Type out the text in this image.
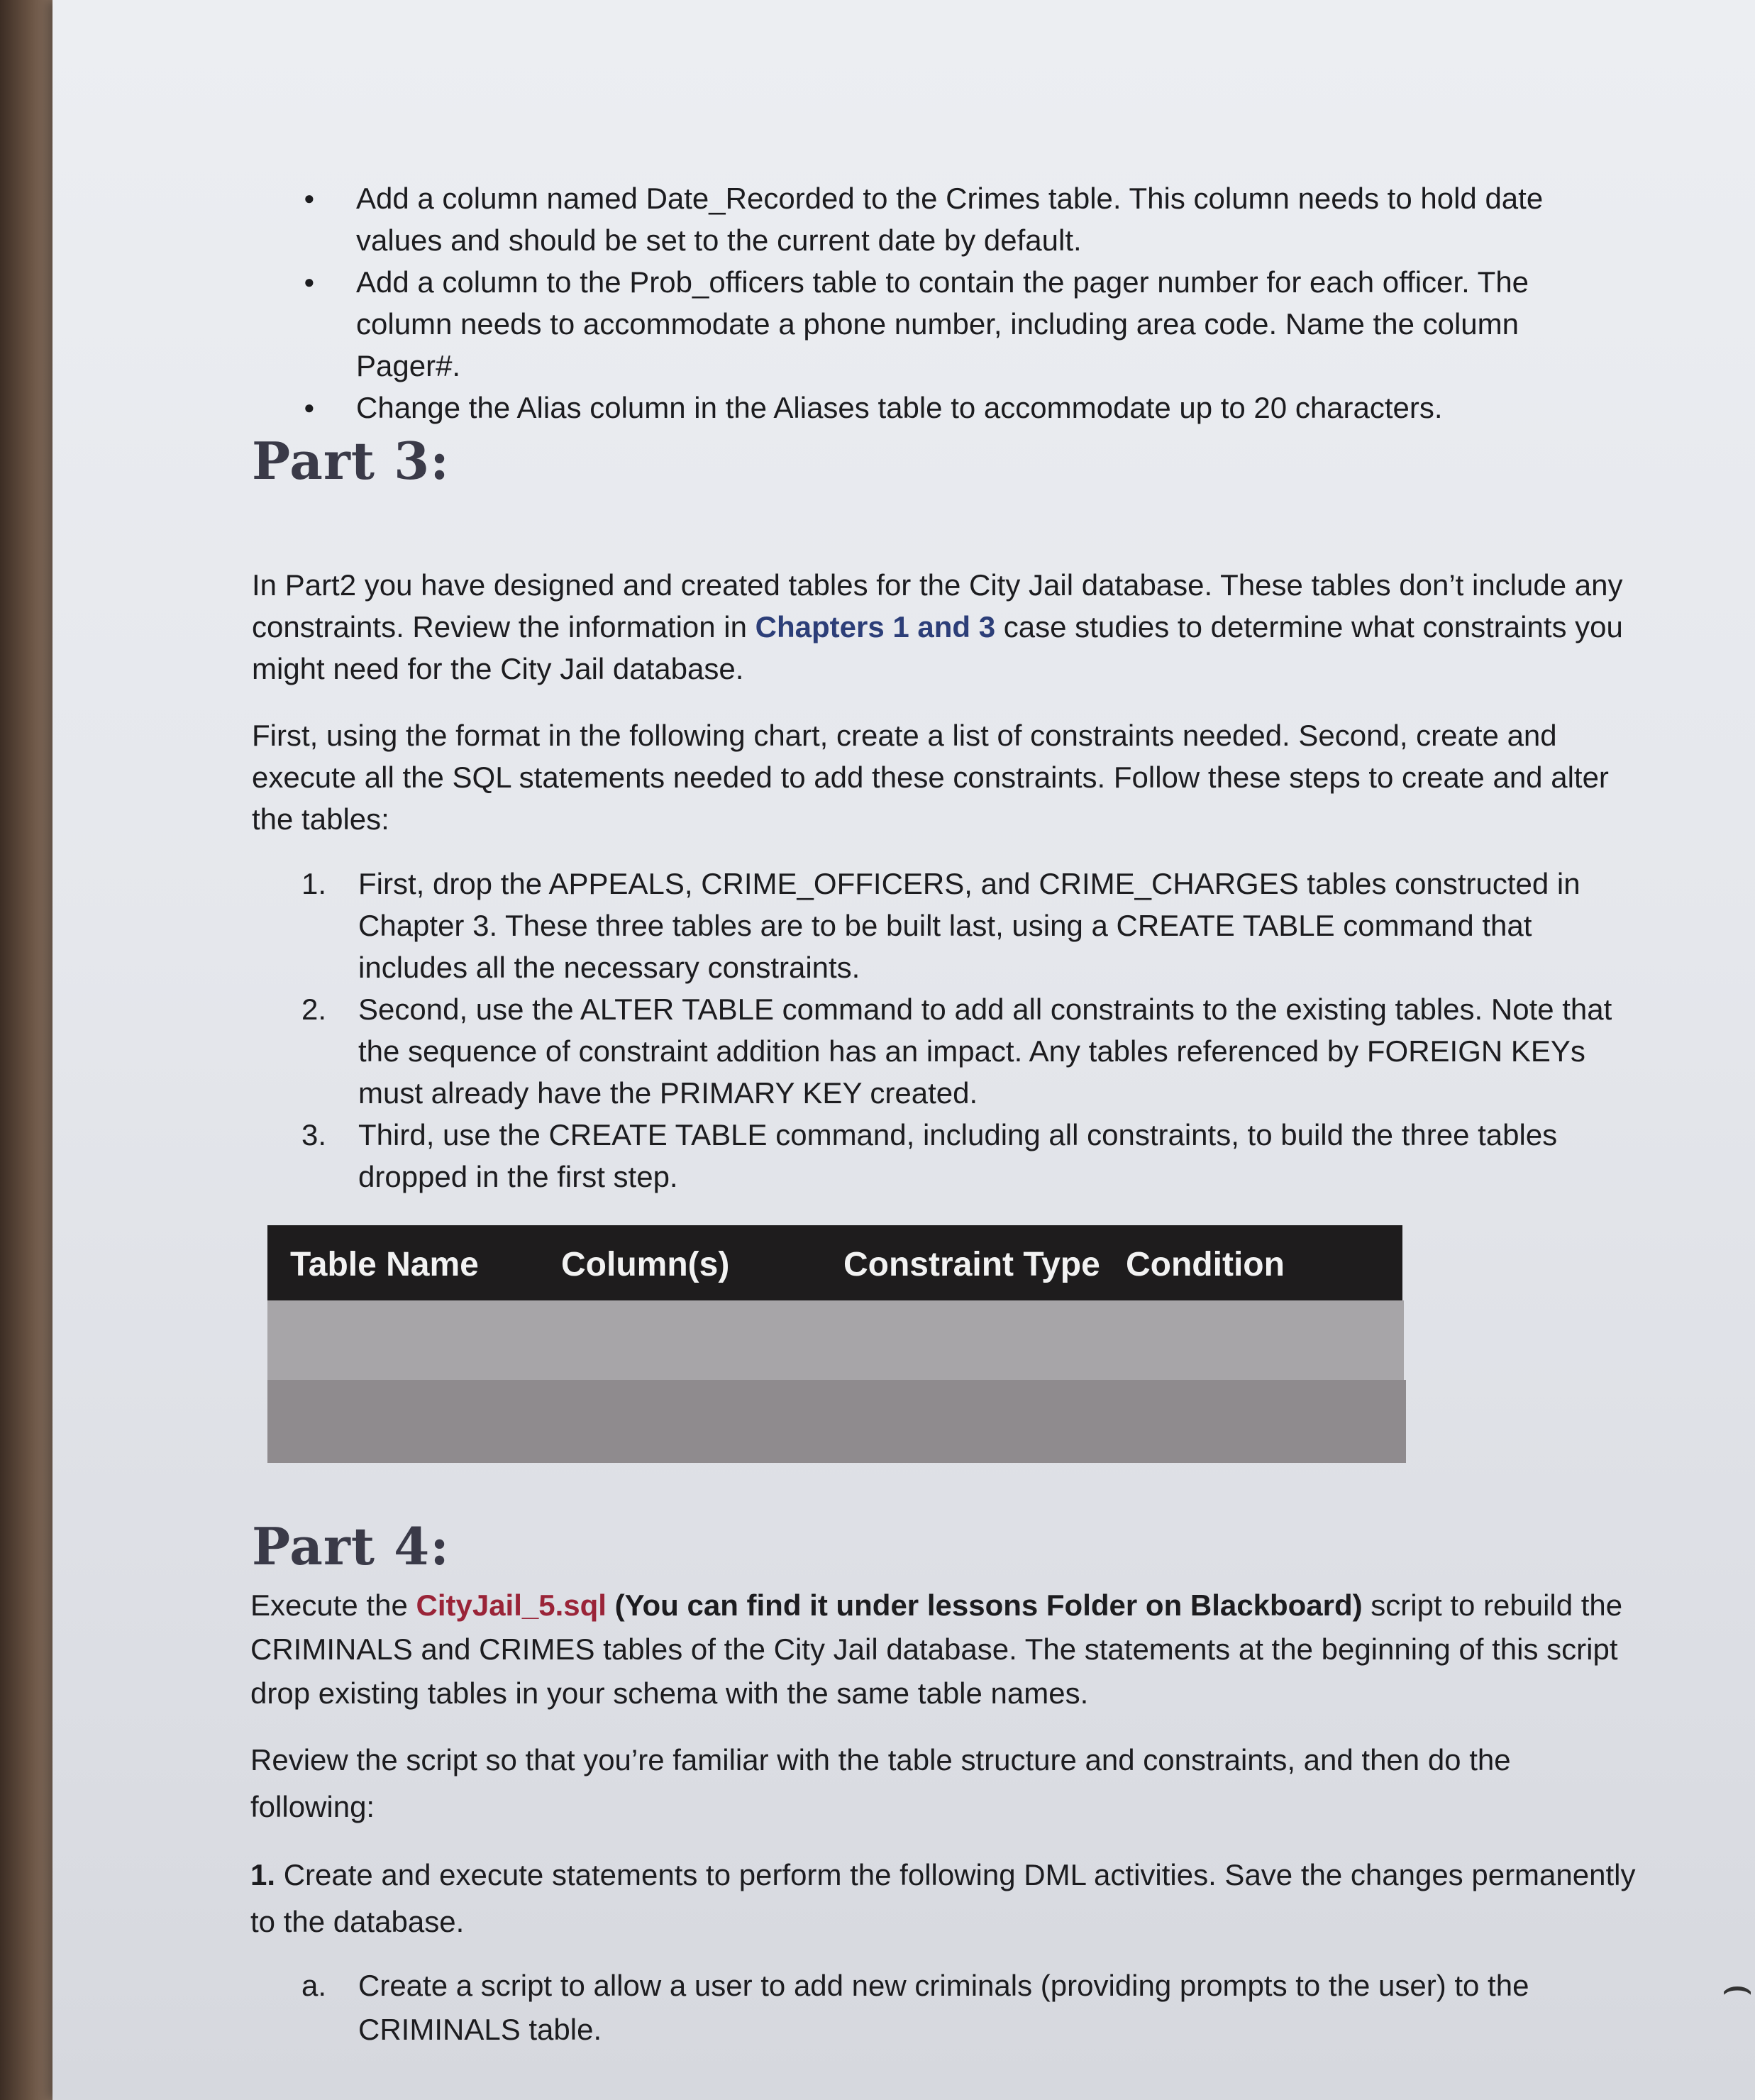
● Add a column named Date_Recorded to the Crimes table. This column needs to hold date values and should be set to the current date by default.
● Add a column to the Prob_officers table to contain the pager number for each officer. The column needs to accommodate a phone number, including area code. Name the column Pager#.
● Change the Alias column in the Aliases table to accommodate up to 20 characters.
Part 3:

In Part2 you have designed and created tables for the City Jail database. These tables don’t include any constraints. Review the information in Chapters 1 and 3 case studies to determine what constraints you might need for the City Jail database.

First, using the format in the following chart, create a list of constraints needed. Second, create and execute all the SQL statements needed to add these constraints. Follow these steps to create and alter the tables:

1. First, drop the APPEALS, CRIME_OFFICERS, and CRIME_CHARGES tables constructed in Chapter 3. These three tables are to be built last, using a CREATE TABLE command that includes all the necessary constraints.
2. Second, use the ALTER TABLE command to add all constraints to the existing tables. Note that the sequence of constraint addition has an impact. Any tables referenced by FOREIGN KEYs must already have the PRIMARY KEY created.
3. Third, use the CREATE TABLE command, including all constraints, to build the three tables dropped in the first step.
Table Name Column(s)	Constraint Type Condition
Part 4:

Execute the CityJail_5.sql (You can find it under lessons Folder on Blackboard) script to rebuild the CRIMINALS and CRIMES tables of the City Jail database. The statements at the beginning of this script drop existing tables in your schema with the same table names.

Review the script so that you’re familiar with the table structure and constraints, and then do the following:

1. Create and execute statements to perform the following DML activities. Save the changes permanently to the database.

a.	Create a script to allow a user to add new criminals (providing prompts to the user) to the CRIMINALS table.
⌢
